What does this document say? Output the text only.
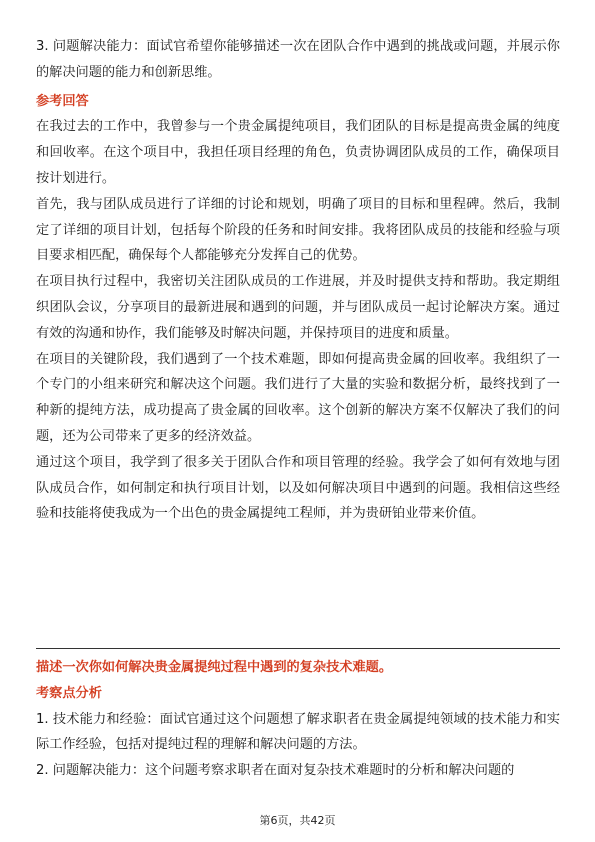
3. 问题解决能力：面试官希望你能够描述一次在团队合作中遇到的挑战或问题，并展示你的解决问题的能力和创新思维。

参考回答

在我过去的工作中，我曾参与一个贵金属提纯项目，我们团队的目标是提高贵金属的纯度和回收率。在这个项目中，我担任项目经理的角色，负责协调团队成员的工作，确保项目按计划进行。

首先，我与团队成员进行了详细的讨论和规划，明确了项目的目标和里程碑。然后，我制定了详细的项目计划，包括每个阶段的任务和时间安排。我将团队成员的技能和经验与项目要求相匹配，确保每个人都能够充分发挥自己的优势。

在项目执行过程中，我密切关注团队成员的工作进展，并及时提供支持和帮助。我定期组织团队会议，分享项目的最新进展和遇到的问题，并与团队成员一起讨论解决方案。通过有效的沟通和协作，我们能够及时解决问题，并保持项目的进度和质量。

在项目的关键阶段，我们遇到了一个技术难题，即如何提高贵金属的回收率。我组织了一个专门的小组来研究和解决这个问题。我们进行了大量的实验和数据分析，最终找到了一种新的提纯方法，成功提高了贵金属的回收率。这个创新的解决方案不仅解决了我们的问题，还为公司带来了更多的经济效益。

通过这个项目，我学到了很多关于团队合作和项目管理的经验。我学会了如何有效地与团队成员合作，如何制定和执行项目计划，以及如何解决项目中遇到的问题。我相信这些经验和技能将使我成为一个出色的贵金属提纯工程师，并为贵研铂业带来价值。

描述一次你如何解决贵金属提纯过程中遇到的复杂技术难题。

考察点分析

1. 技术能力和经验：面试官通过这个问题想了解求职者在贵金属提纯领域的技术能力和实际工作经验，包括对提纯过程的理解和解决问题的方法。

2. 问题解决能力：这个问题考察求职者在面对复杂技术难题时的分析和解决问题的

第6页，共42页
